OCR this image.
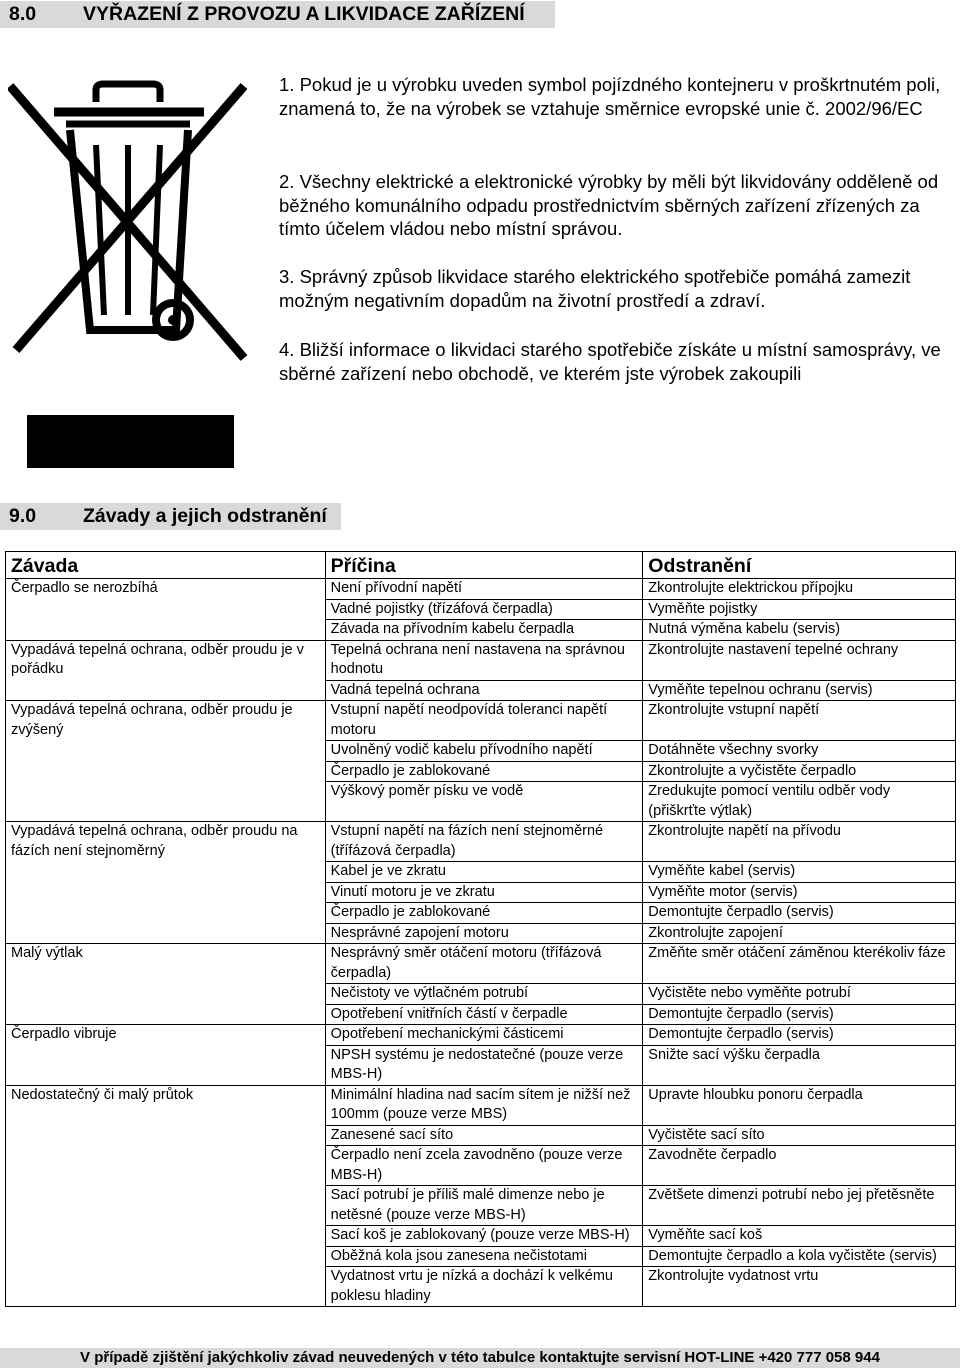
8.0 VYŘAZENÍ Z PROVOZU A LIKVIDACE ZAŘÍZENÍ

1. Pokud je u výrobku uveden symbol pojízdného kontejneru v proškrtnutém poli, znamená to, že na výrobek se vztahuje směrnice evropské unie č. 2002/96/EC

2. Všechny elektrické a elektronické výrobky by měli být likvidovány odděleně od běžného komunálního odpadu prostřednictvím sběrných zařízení zřízených za tímto účelem vládou nebo místní správou.

3. Správný způsob likvidace starého elektrického spotřebiče pomáhá zamezit možným negativním dopadům na životní prostředí a zdraví.

4. Bližší informace o likvidaci starého spotřebiče získáte u místní samosprávy, ve sběrné zařízení nebo obchodě, ve kterém jste výrobek zakoupili

9.0 Závady a jejich odstranění
Závada	Příčina	Odstranění
Čerpadlo se nerozbíhá	Není přívodní napětí	Zkontrolujte elektrickou přípojku
	Vadné pojistky (třízáfová čerpadla)	Vyměňte pojistky
	Závada na přívodním kabelu čerpadla	Nutná výměna kabelu (servis)
Vypadává tepelná ochrana, odběr proudu je v pořádku	Tepelná ochrana není nastavena na správnou hodnotu	Zkontrolujte nastavení tepelné ochrany
	Vadná tepelná ochrana	Vyměňte tepelnou ochranu (servis)
Vypadává tepelná ochrana, odběr proudu je zvýšený	Vstupní napětí neodpovídá toleranci napětí motoru	Zkontrolujte vstupní napětí
	Uvolněný vodič kabelu přívodního napětí	Dotáhněte všechny svorky
	Čerpadlo je zablokované	Zkontrolujte a vyčistěte čerpadlo
	Výškový poměr písku ve vodě	Zredukujte pomocí ventilu odběr vody (přiškrťte výtlak)
Vypadává tepelná ochrana, odběr proudu na fázích není stejnoměrný	Vstupní napětí na fázích není stejnoměrné (třífázová čerpadla)	Zkontrolujte napětí na přívodu
	Kabel je ve zkratu	Vyměňte kabel (servis)
	Vinutí motoru je ve zkratu	Vyměňte motor (servis)
	Čerpadlo je zablokované	Demontujte čerpadlo (servis)
	Nesprávné zapojení motoru	Zkontrolujte zapojení
Malý výtlak	Nesprávný směr otáčení motoru (třífázová čerpadla)	Změňte směr otáčení záměnou kterékoliv fáze
	Nečistoty ve výtlačném potrubí	Vyčistěte nebo vyměňte potrubí
	Opotřebení vnitřních částí v čerpadle	Demontujte čerpadlo (servis)
Čerpadlo vibruje	Opotřebení mechanickými částicemi	Demontujte čerpadlo (servis)
	NPSH systému je nedostatečné (pouze verze MBS-H)	Snižte sací výšku čerpadla
Nedostatečný či malý průtok	Minimální hladina nad sacím sítem je nižší než 100mm (pouze verze MBS)	Upravte hloubku ponoru čerpadla
	Zanesené sací síto	Vyčistěte sací síto
	Čerpadlo není zcela zavodněno (pouze verze MBS-H)	Zavodněte čerpadlo
	Sací potrubí je příliš malé dimenze nebo je netěsné (pouze verze MBS-H)	Zvětšete dimenzi potrubí nebo jej přetěsněte
	Sací koš je zablokovaný (pouze verze MBS-H)	Vyměňte sací koš
	Oběžná kola jsou zanesena nečistotami	Demontujte čerpadlo a kola vyčistěte (servis)
	Vydatnost vrtu je nízká a dochází k velkému poklesu hladiny	Zkontrolujte vydatnost vrtu
V případě zjištění jakýchkoliv závad neuvedených v této tabulce kontaktujte servisní HOT-LINE +420 777 058 944
